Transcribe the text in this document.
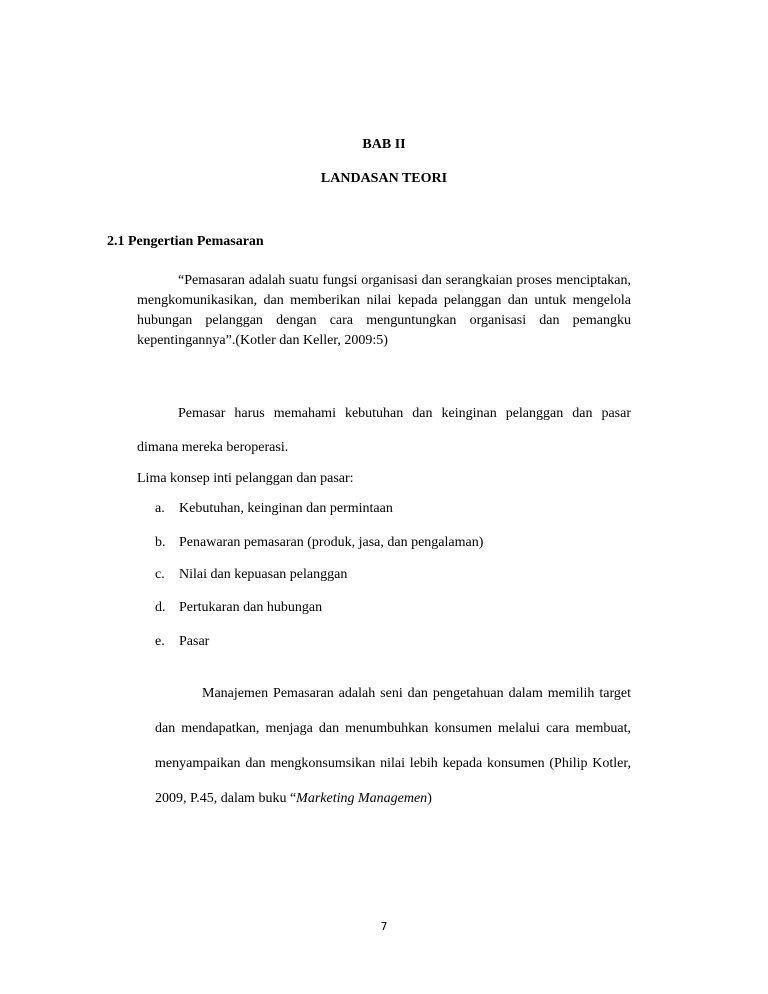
BAB II
LANDASAN TEORI
2.1 Pengertian Pemasaran
“Pemasaran adalah suatu fungsi organisasi dan serangkaian proses menciptakan, mengkomunikasikan, dan memberikan nilai kepada pelanggan dan untuk mengelola hubungan pelanggan dengan cara menguntungkan organisasi dan pemangku kepentingannya”.(Kotler dan Keller, 2009:5)
Pemasar harus memahami kebutuhan dan keinginan pelanggan dan pasar dimana mereka beroperasi.
Lima konsep inti pelanggan dan pasar:
a. Kebutuhan, keinginan dan permintaan
b. Penawaran pemasaran (produk, jasa, dan pengalaman)
c. Nilai dan kepuasan pelanggan
d. Pertukaran dan hubungan
e. Pasar
Manajemen Pemasaran adalah seni dan pengetahuan dalam memilih target dan mendapatkan, menjaga dan menumbuhkan konsumen melalui cara membuat, menyampaikan dan mengkonsumsikan nilai lebih kepada konsumen (Philip Kotler, 2009, P.45, dalam buku “Marketing Managemen)
7
